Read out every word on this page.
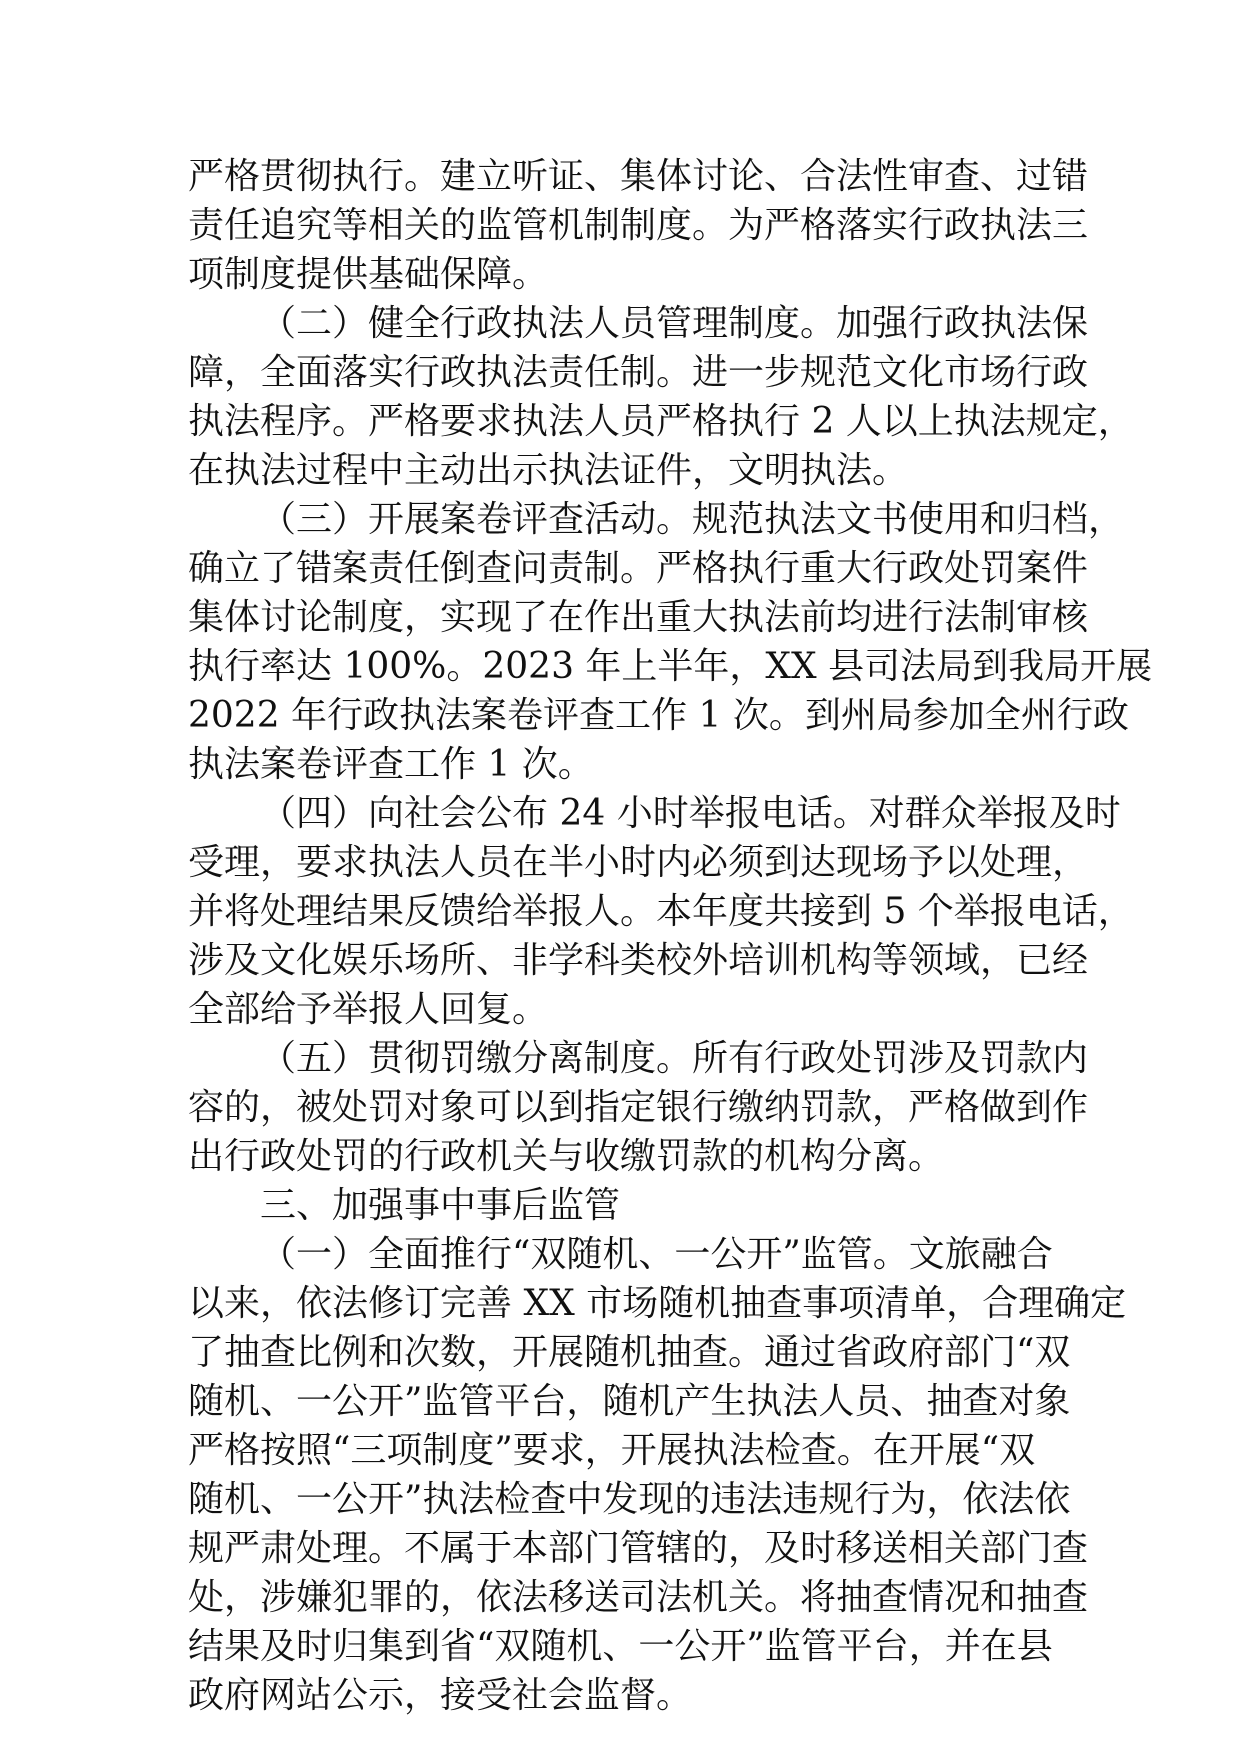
严格贯彻执行。建立听证、集体讨论、合法性审查、过错
责任追究等相关的监管机制制度。为严格落实行政执法三
项制度提供基础保障。
（二）健全行政执法人员管理制度。加强行政执法保
障，全面落实行政执法责任制。进一步规范文化市场行政
执法程序。严格要求执法人员严格执行 2 人以上执法规定，
在执法过程中主动出示执法证件，文明执法。
（三）开展案卷评查活动。规范执法文书使用和归档，
确立了错案责任倒查问责制。严格执行重大行政处罚案件
集体讨论制度，实现了在作出重大执法前均进行法制审核
执行率达 100%。2023 年上半年，XX 县司法局到我局开展
2022 年行政执法案卷评查工作 1 次。到州局参加全州行政
执法案卷评查工作 1 次。
（四）向社会公布 24 小时举报电话。对群众举报及时
受理，要求执法人员在半小时内必须到达现场予以处理，
并将处理结果反馈给举报人。本年度共接到 5 个举报电话，
涉及文化娱乐场所、非学科类校外培训机构等领域，已经
全部给予举报人回复。
（五）贯彻罚缴分离制度。所有行政处罚涉及罚款内
容的，被处罚对象可以到指定银行缴纳罚款，严格做到作
出行政处罚的行政机关与收缴罚款的机构分离。
三、加强事中事后监管
（一）全面推行“双随机、一公开”监管。文旅融合
以来，依法修订完善 XX 市场随机抽查事项清单，合理确定
了抽查比例和次数，开展随机抽查。通过省政府部门“双
随机、一公开”监管平台，随机产生执法人员、抽查对象
严格按照“三项制度”要求，开展执法检查。在开展“双
随机、一公开”执法检查中发现的违法违规行为，依法依
规严肃处理。不属于本部门管辖的，及时移送相关部门查
处，涉嫌犯罪的，依法移送司法机关。将抽查情况和抽查
结果及时归集到省“双随机、一公开”监管平台，并在县
政府网站公示，接受社会监督。
